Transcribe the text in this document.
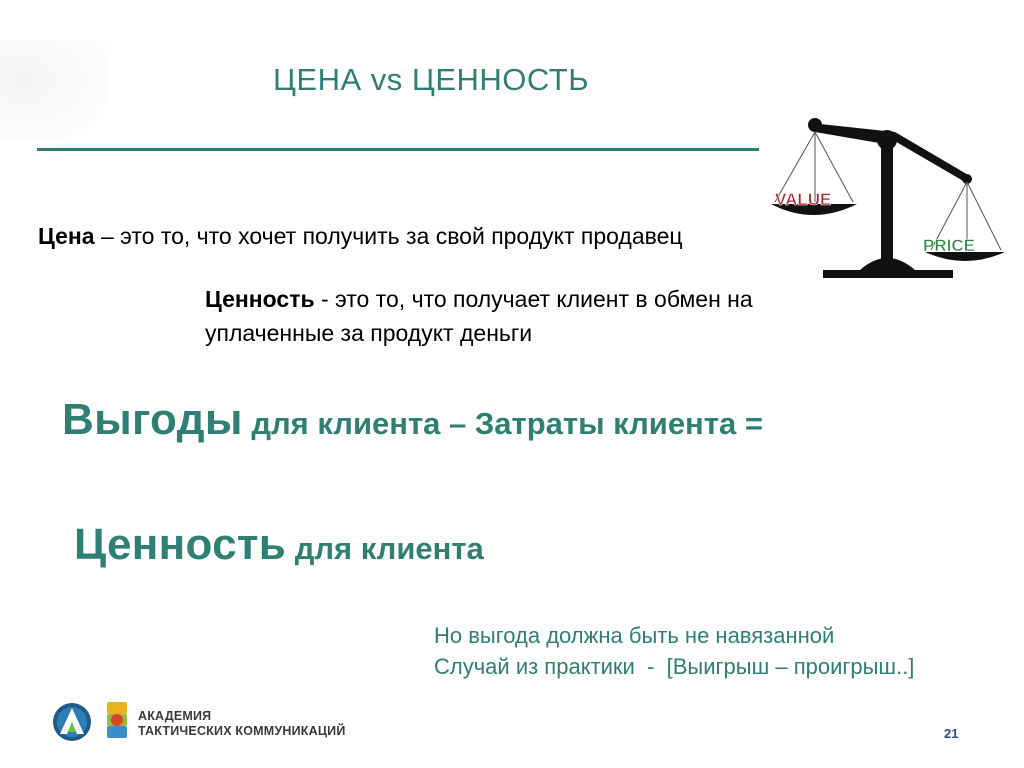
ЦЕНА vs ЦЕННОСТЬ
VALUE
PRICE
Цена – это то, что хочет получить за свой продукт продавец
Ценность - это то, что получает клиент в обмен на уплаченные за продукт деньги
Выгоды для клиента – Затраты клиента =
Ценность для клиента
Но выгода должна быть не навязанной
Случай из практики  -  [Выигрыш – проигрыш..]
АКАДЕМИЯ
ТАКТИЧЕСКИХ КОММУНИКАЦИЙ	21
